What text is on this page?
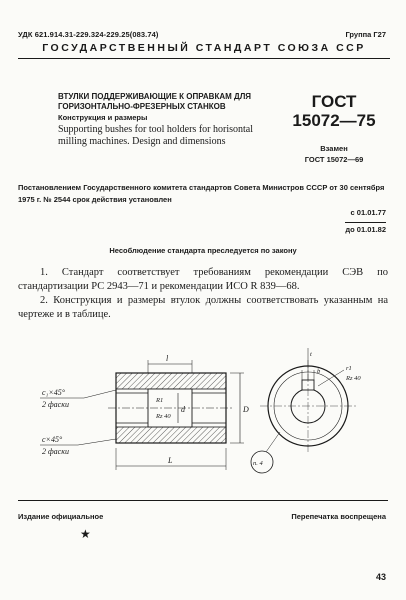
УДК 621.914.31-229.324-229.25(083.74)	Группа Г27
ГОСУДАРСТВЕННЫЙ СТАНДАРТ СОЮЗА ССР
ВТУЛКИ ПОДДЕРЖИВАЮЩИЕ К ОПРАВКАМ ДЛЯ ГОРИЗОНТАЛЬНО-ФРЕЗЕРНЫХ СТАНКОВ
Конструкция и размеры
Supporting bushes for tool holders for horisontal milling machines. Design and dimensions
ГОСТ
15072—75
Взамен
ГОСТ 15072—69
Постановлением Государственного комитета стандартов Совета Министров СССР от 30 сентября 1975 г. № 2544 срок действия установлен
с 01.01.77
до 01.01.82
Несоблюдение стандарта преследуется по закону

1. Стандарт соответствует требованиям рекомендации СЭВ по стандартизации РС 2943—71 и рекомендации ИСО R 839—68.

2. Конструкция и размеры втулок должны соответствовать указанным на чертеже и в таблице.

L
l
D
d
R1
Rz 40
c₁×45°
2 фаски
c×45°
2 фаски
t
b	r1
Rz 40
п. 4
Издание официальное	Перепечатка воспрещена
★
43
